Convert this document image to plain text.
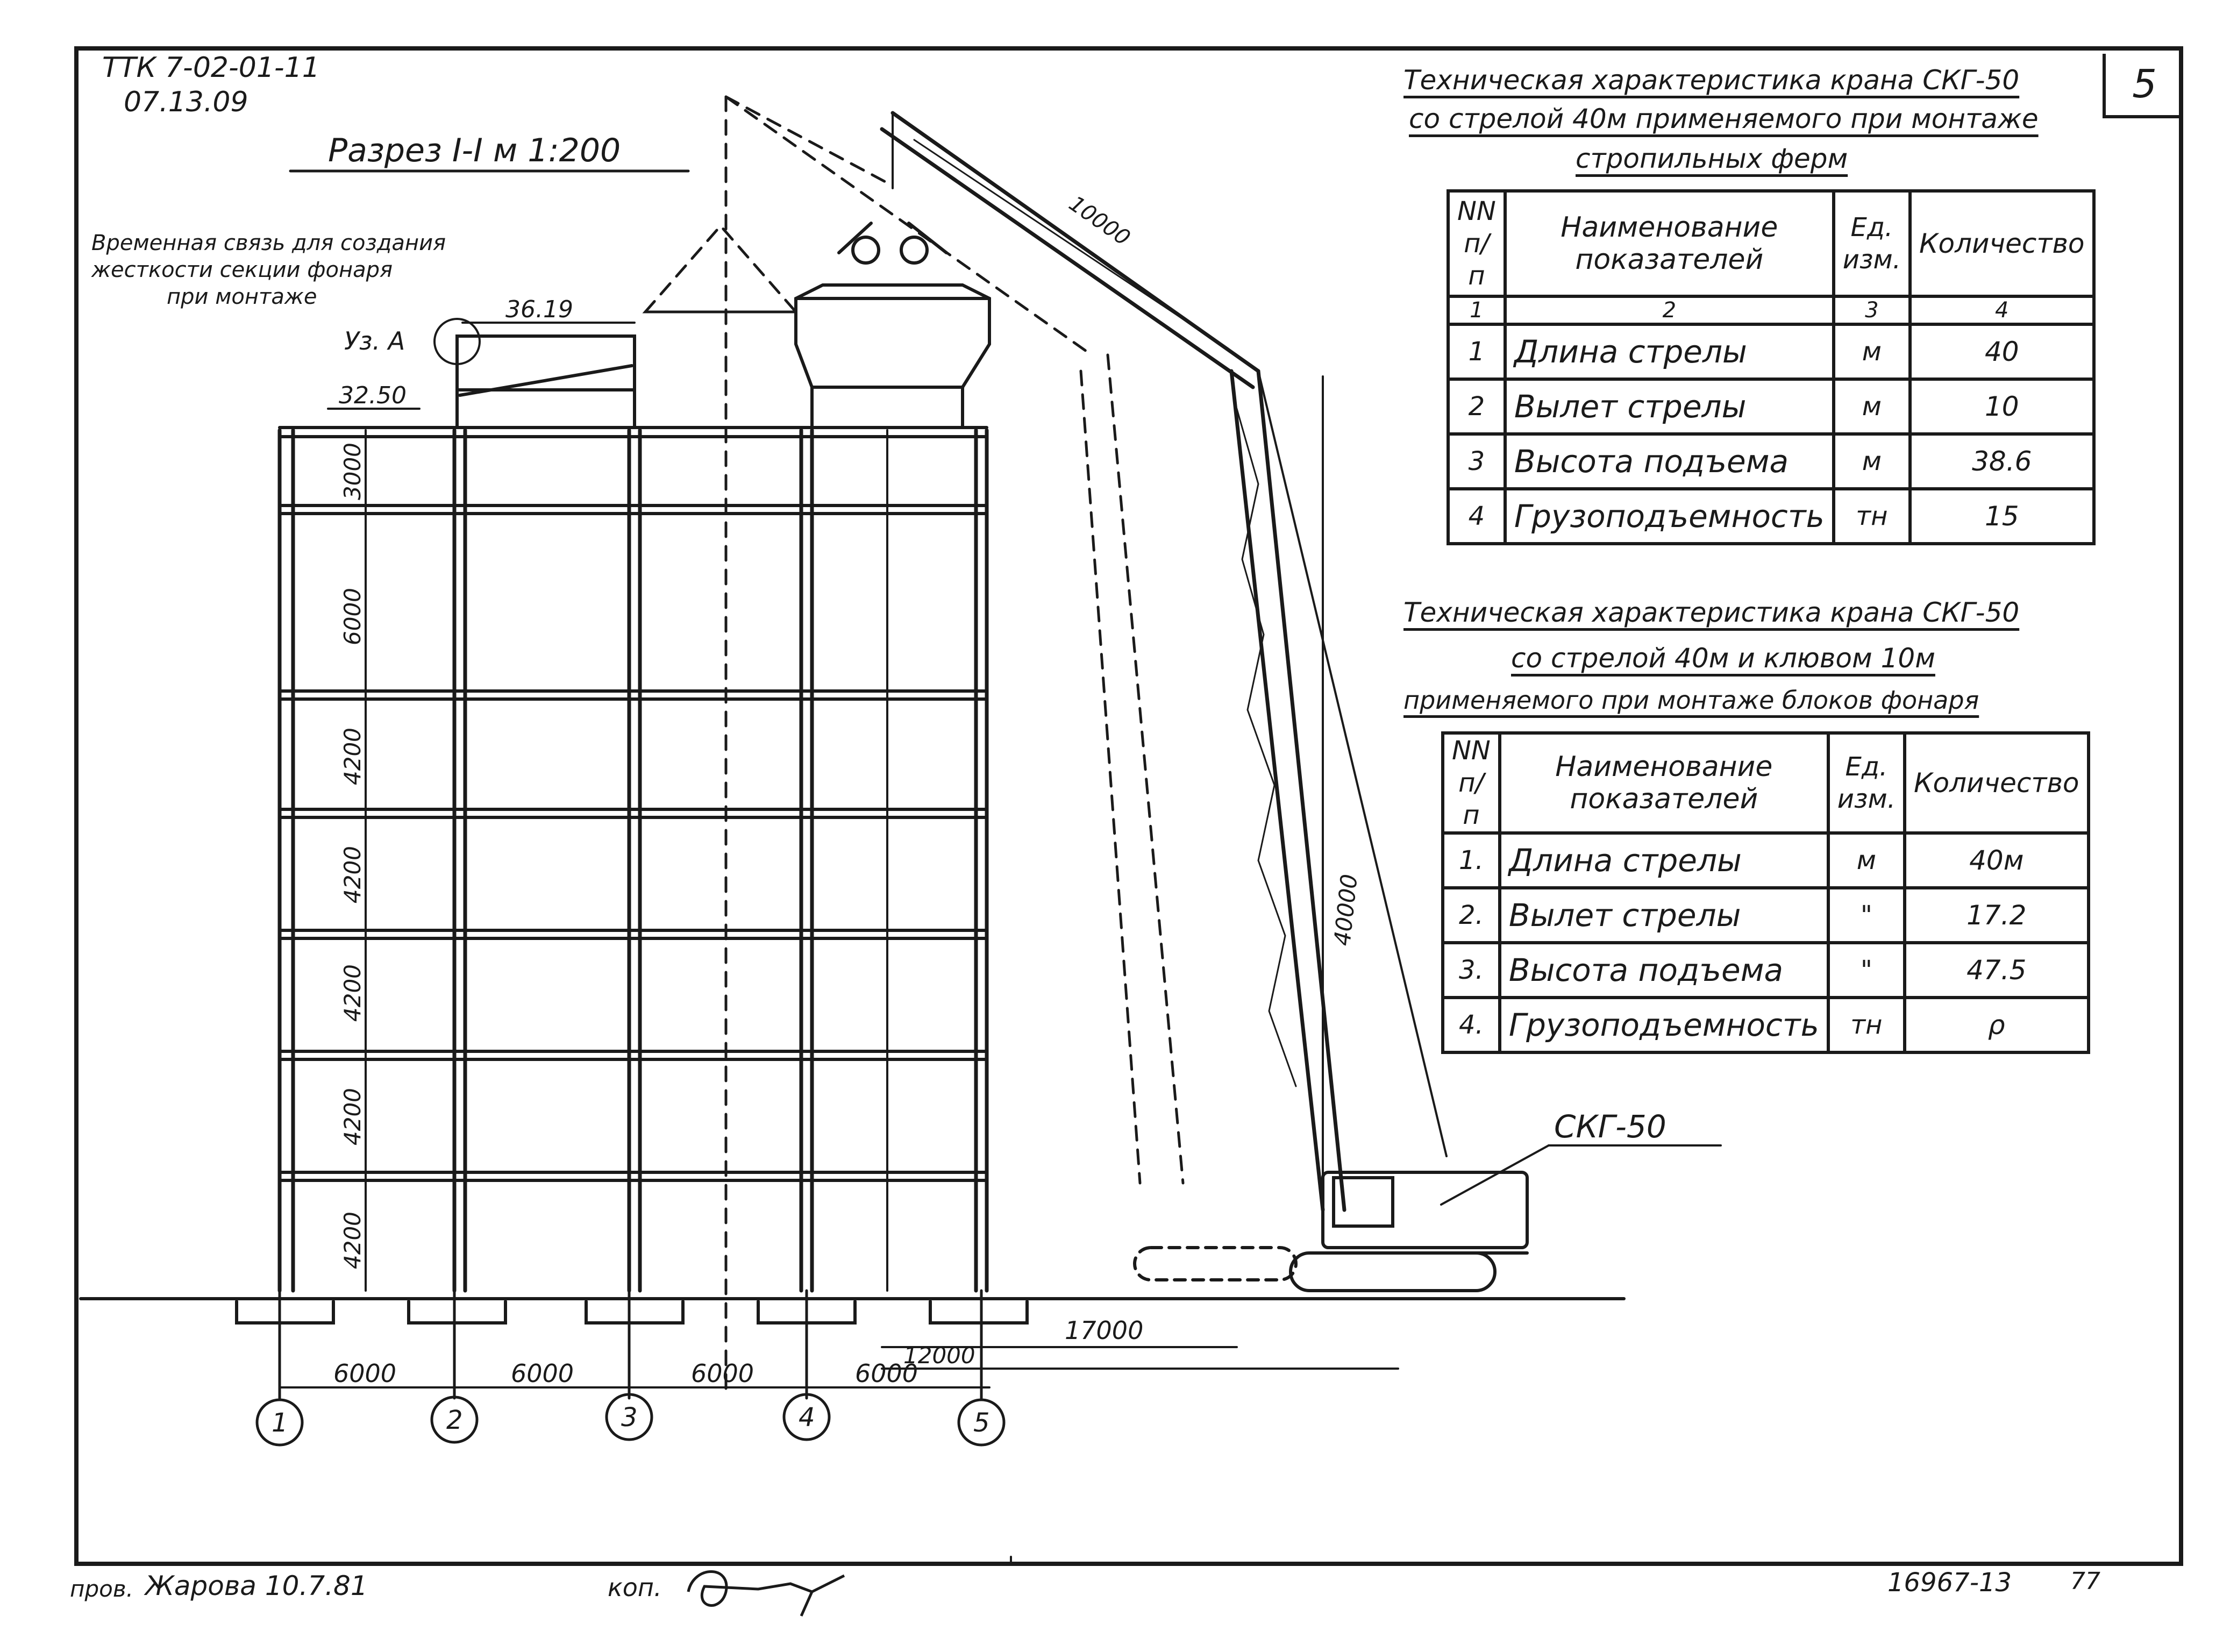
5
ТТК 7-02-01-11
07.13.09
Разрез I-I м 1:200
Временная связь для создания
жесткости секции фонаря
при монтаже
Уз. А
36.19
32.50
3000
6000
4200
4200
4200
4200
4200
10000
40000
СКГ-50
6000	6000	6000	6000
12000
17000
1	2	3	4	5
Техническая характеристика крана СКГ-50
со стрелой 40м применяемого при монтаже
стропильных ферм
NN п/п	Наименование показателей	Ед. изм.	Количество
1	2	3	4
1	Длина стрелы	м	40
2	Вылет стрелы	м	10
3	Высота подъема	м	38.6
4	Грузоподъемность	тн	15
Техническая характеристика крана СКГ-50
со стрелой 40м и клювом 10м
применяемого при монтаже блоков фонаря
NN п/п	Наименование показателей	Ед. изм.	Количество
1.	Длина стрелы	м	40м
2.	Вылет стрелы	"	17.2
3.	Высота подъема	"	47.5
4.	Грузоподъемность	тн	ρ
пров. Жарова 10.7.81	коп.	16967-13 77
